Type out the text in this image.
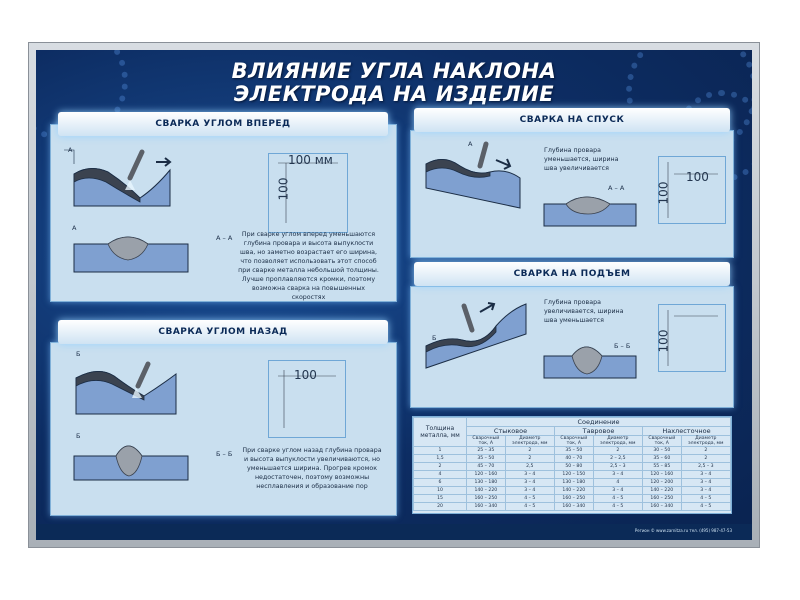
ВЛИЯНИЕ УГЛА НАКЛОНА
ЭЛЕКТРОДА НА ИЗДЕЛИЕ
СВАРКА УГЛОМ ВПЕРЕД
А
А
А – А
100 мм
100
При сварке углом вперед уменьшаются глубина провара и высота выпуклости шва, но заметно возрастает его ширина, что позволяет использовать этот способ при сварке металла небольшой толщины. Лучше проплавляются кромки, поэтому возможна сварка на повышенных скоростях
СВАРКА УГЛОМ НАЗАД
Б
Б
Б – Б
100
При сварке углом назад глубина провара и высота выпуклости увеличиваются, но уменьшается ширина. Прогрев кромок недостаточен, поэтому возможны несплавления и образование пор
СВАРКА НА СПУСК
А
Глубина провара уменьшается, ширина шва увеличивается
А – А
100
100
СВАРКА НА ПОДЪЕМ
Б
Глубина провара увеличивается, ширина шва уменьшается
Б – Б 100
Толщина металла, мм	Соединение					
	Стыковое		Тавровое		Нахлесточное	
	Сварочный ток, А	Диаметр электрода, мм	Сварочный ток, А	Диаметр электрода, мм	Сварочный ток, А	Диаметр электрода, мм
1	25 – 35	2	35 – 50	2	30 – 50	2
1,5	35 – 50	2	40 – 70	2 – 2,5	35 – 60	2
2	45 – 70	2,5	50 – 80	2,5 – 3	55 – 85	2,5 – 3
4	120 – 160	3 – 4	120 – 150	3 – 4	120 – 160	3 – 4
6	130 – 180	3 – 4	130 – 180	4	120 – 200	3 – 4
10	140 – 220	3 – 4	140 – 220	3 – 4	140 – 220	3 – 4
15	160 – 250	4 – 5	160 – 250	4 – 5	160 – 250	4 – 5
20	160 – 340	4 – 5	160 – 340	4 – 5	160 – 340	4 – 5
Регион © www.zarnitza.ru тел. (495) 987-47-53
